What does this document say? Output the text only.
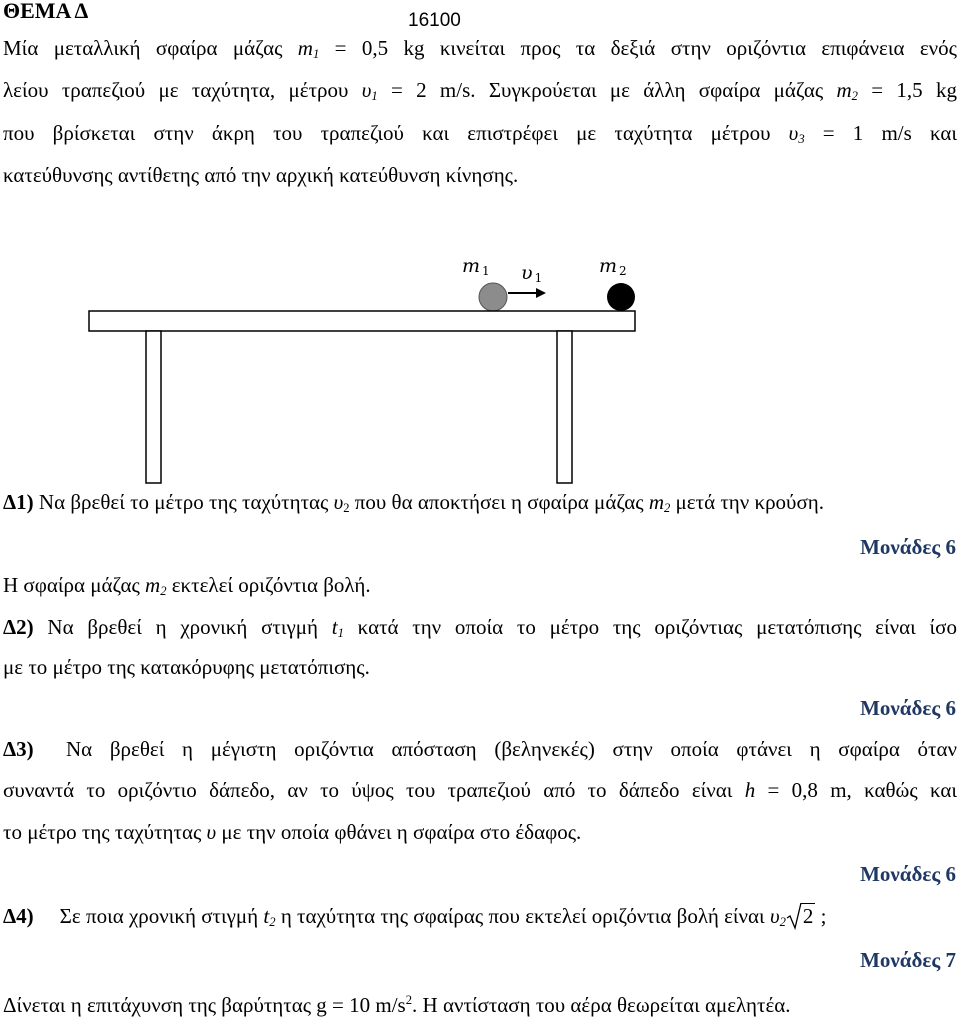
ΘΕΜΑ Δ	16100
Μία μεταλλική σφαίρα μάζας $m_1 = 0,5$ kg κινείται προς τα δεξιά στην οριζόντια επιφάνεια ενός
λείου τραπεζιού με ταχύτητα, μέτρου $\upsilon_1 = 2$ m/s. Συγκρούεται με άλλη σφαίρα μάζας $m_2 = 1,5$ kg
που βρίσκεται στην άκρη του τραπεζιού και επιστρέφει με ταχύτητα μέτρου $\upsilon_3 = 1$ m/s και
κατεύθυνσης αντίθετης από την αρχική κατεύθυνση κίνησης.
m 1 υ 1
m 2
Δ1) Να βρεθεί το μέτρο της ταχύτητας $\upsilon_2$ που θα αποκτήσει η σφαίρα μάζας $m_2$ μετά την κρούση.
Μονάδες 6
Η σφαίρα μάζας $m_2$ εκτελεί οριζόντια βολή.
Δ2) Να βρεθεί η χρονική στιγμή $t_1$ κατά την οποία το μέτρο της οριζόντιας μετατόπισης είναι ίσο
με το μέτρο της κατακόρυφης μετατόπισης.
Μονάδες 6
Δ3) Να βρεθεί η μέγιστη οριζόντια απόσταση (βεληνεκές) στην οποία φτάνει η σφαίρα όταν
συναντά το οριζόντιο δάπεδο, αν το ύψος του τραπεζιού από το δάπεδο είναι h = 0,8 m, καθώς και
το μέτρο της ταχύτητας υ με την οποία φθάνει η σφαίρα στο έδαφος.
Μονάδες 6
Δ4) Σε ποια χρονική στιγμή $t_2$ η ταχύτητα της σφαίρας που εκτελεί οριζόντια βολή είναι $\upsilon_2$ 2 ;
Μονάδες 7
Δίνεται η επιτάχυνση της βαρύτητας g = 10 $m/s^2$. Η αντίσταση του αέρα θεωρείται αμελητέα.
